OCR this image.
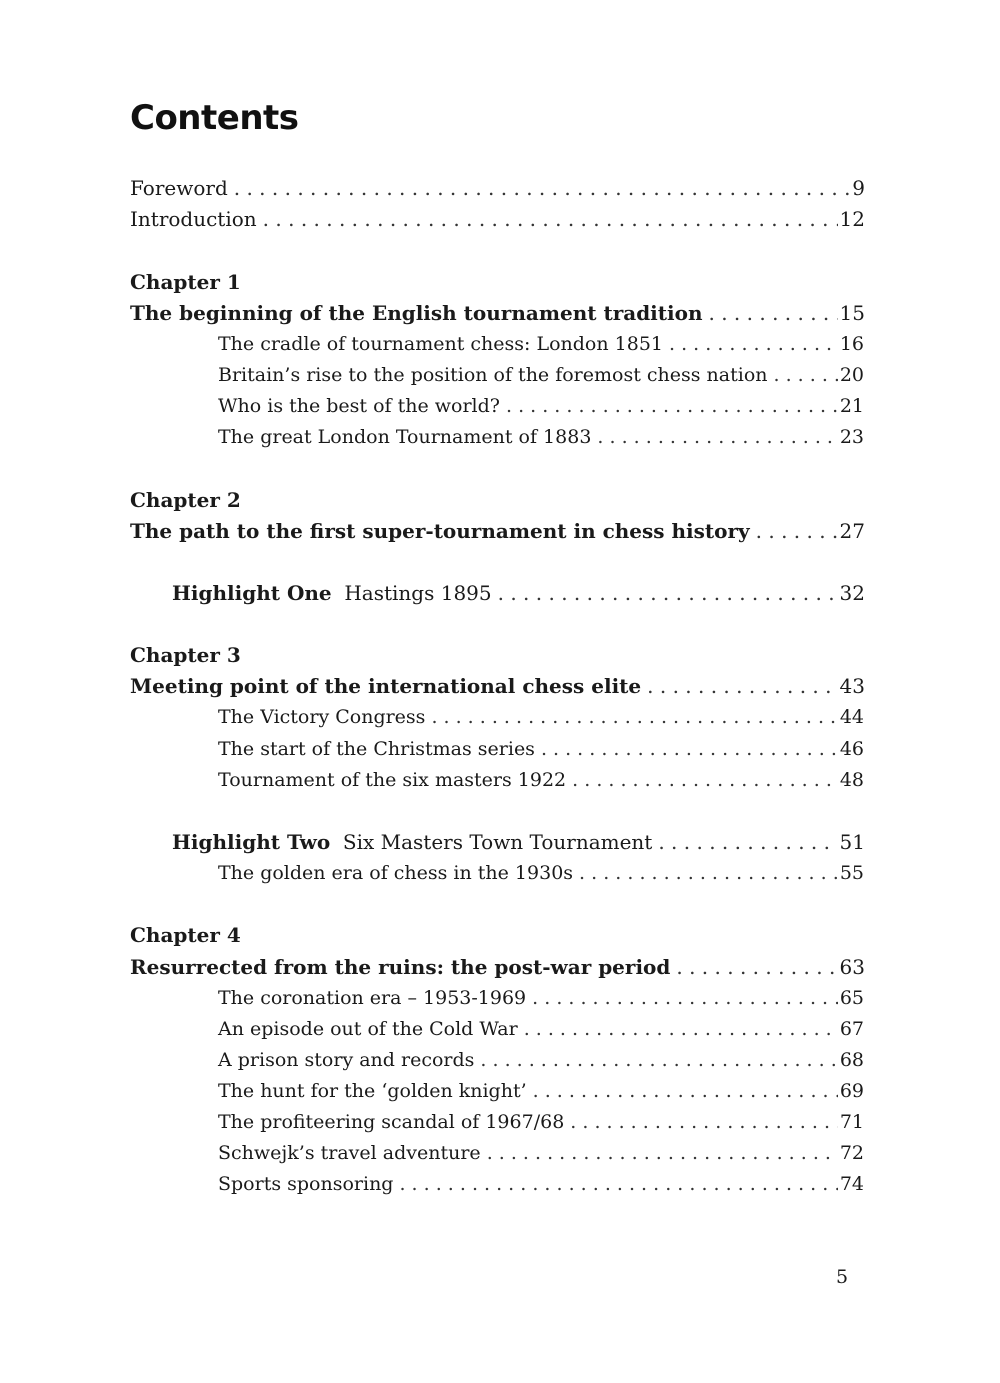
Contents
Foreword . . .	9
Introduction . . .	12
Chapter 1
The beginning of the English tournament tradition . . .	15
The cradle of tournament chess: London 1851 . . .	16
Britain’s rise to the position of the foremost chess nation . . .	20
Who is the best of the world? . . .	21
The great London Tournament of 1883 . . .	23
Chapter 2
The path to the first super-tournament in chess history . . .	27
Highlight One Hastings 1895 . . .	32
Chapter 3
Meeting point of the international chess elite . . .	43
The Victory Congress . . .	44
The start of the Christmas series . . .	46
Tournament of the six masters 1922 . . .	48
Highlight Two Six Masters Town Tournament . . .	51
The golden era of chess in the 1930s . . .	55
Chapter 4
Resurrected from the ruins: the post-war period . . .	63
The coronation era – 1953-1969 . . .	65
An episode out of the Cold War . . .	67
A prison story and records . . .	68
The hunt for the ‘golden knight’ . . .	69
The profiteering scandal of 1967/68 . . .	71
Schwejk’s travel adventure . . .	72
Sports sponsoring . . .	74
5
